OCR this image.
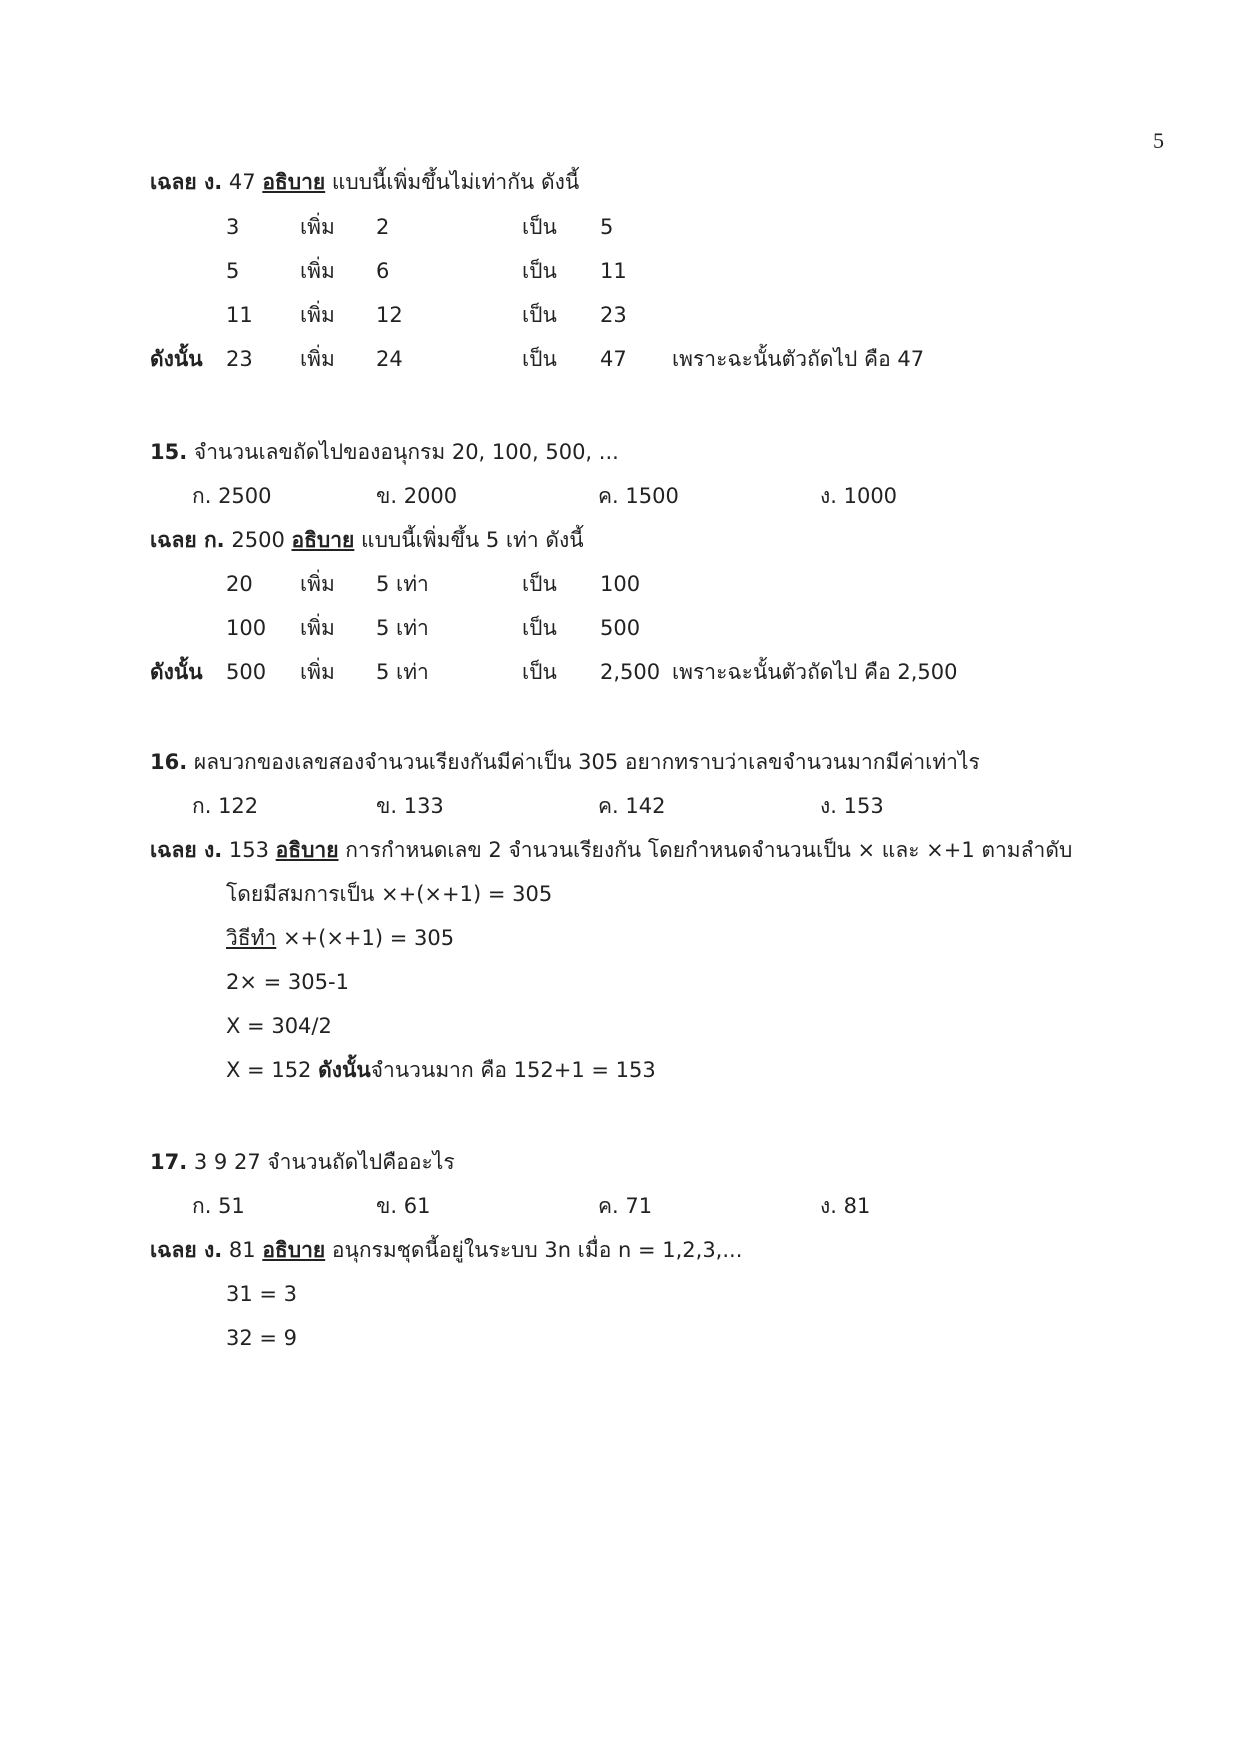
5
เฉลย ง. 47 อธิบาย แบบนี้เพิ่มขึ้นไม่เท่ากัน ดังนี้
3	เพิ่ม 2	เป็น 5
5	เพิ่ม 6	เป็น 11
11 เพิ่ม 12	เป็น 23
ดังนั้น 23 เพิ่ม 24	เป็น 47 เพราะฉะนั้นตัวถัดไป คือ 47
15. จำนวนเลขถัดไปของอนุกรม 20, 100, 500, ...
ก. 2500	ข. 2000	ค. 1500	ง. 1000
เฉลย ก. 2500 อธิบาย แบบนี้เพิ่มขึ้น 5 เท่า ดังนี้
20 เพิ่ม 5 เท่า	เป็น 100
100 เพิ่ม 5 เท่า	เป็น 500
ดังนั้น 500 เพิ่ม 5 เท่า	เป็น 2,500 เพราะฉะนั้นตัวถัดไป คือ 2,500
16. ผลบวกของเลขสองจำนวนเรียงกันมีค่าเป็น 305 อยากทราบว่าเลขจำนวนมากมีค่าเท่าไร
ก. 122	ข. 133	ค. 142	ง. 153
เฉลย ง. 153 อธิบาย การกำหนดเลข 2 จำนวนเรียงกัน โดยกำหนดจำนวนเป็น × และ ×+1 ตามลำดับ
โดยมีสมการเป็น ×+(×+1) = 305
วิธีทำ ×+(×+1) = 305
2× = 305-1
X = 304/2
X = 152 ดังนั้นจำนวนมาก คือ 152+1 = 153
17. 3 9 27 จำนวนถัดไปคืออะไร
ก. 51	ข. 61	ค. 71	ง. 81
เฉลย ง. 81 อธิบาย อนุกรมชุดนี้อยู่ในระบบ 3n เมื่อ n = 1,2,3,...
31 = 3
32 = 9
